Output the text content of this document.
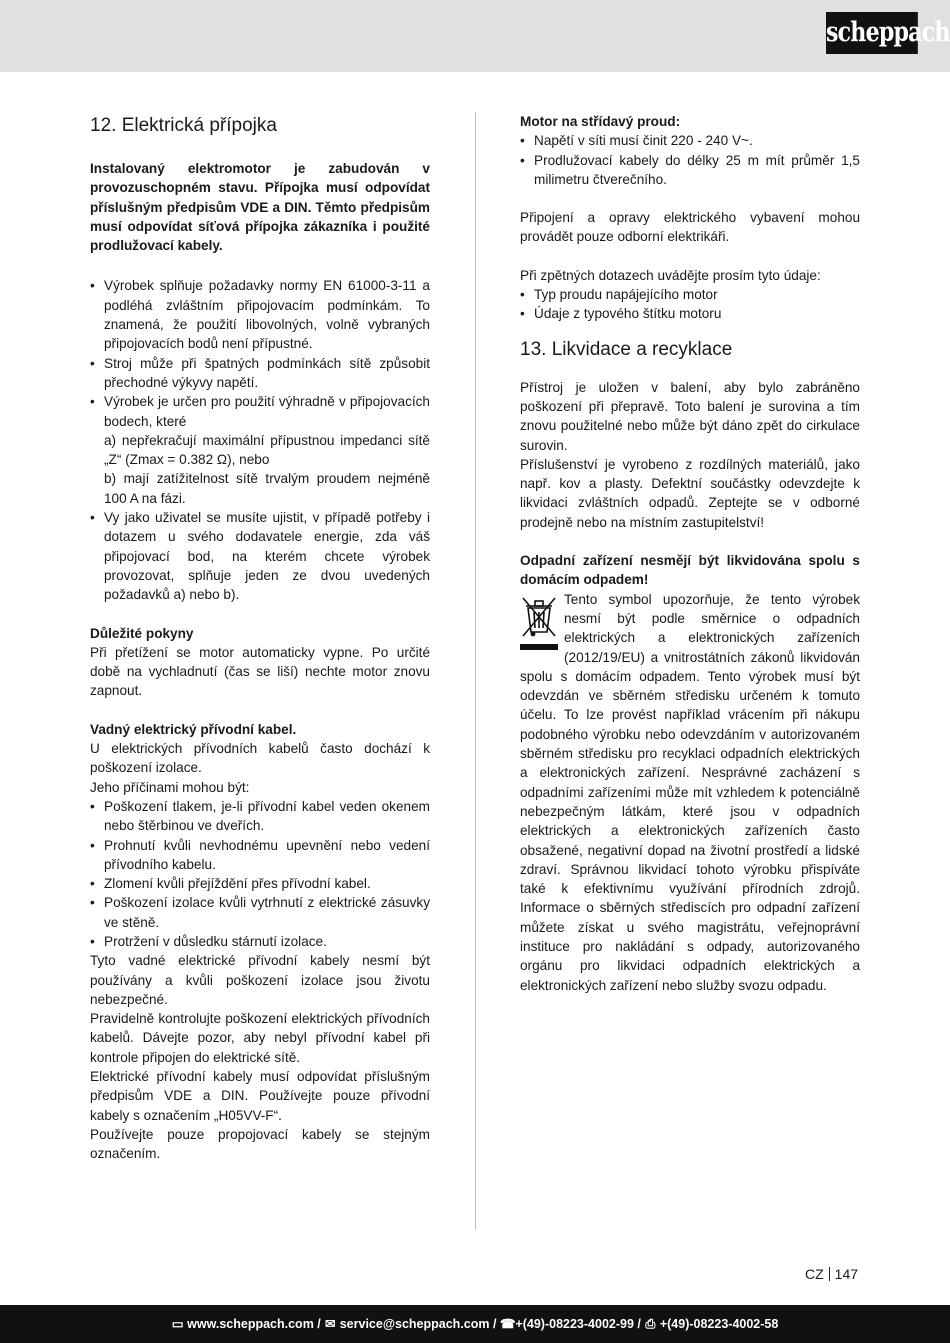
scheppach
12. Elektrická přípojka

Instalovaný elektromotor je zabudován v provozuschopném stavu. Přípojka musí odpovídat příslušným předpisům VDE a DIN. Těmto předpisům musí odpovídat síťová přípojka zákazníka i použité prodlužovací kabely.

• Výrobek splňuje požadavky normy EN 61000-3-11 a podléhá zvláštním připojovacím podmínkám. To znamená, že použití libovolných, volně vybraných připojovacích bodů není přípustné.
• Stroj může při špatných podmínkách sítě způsobit přechodné výkyvy napětí.
• Výrobek je určen pro použití výhradně v připojovacích bodech, které
a) nepřekračují maximální přípustnou impedanci sítě „Z“ (Zmax = 0.382 Ω), nebo
b) mají zatížitelnost sítě trvalým proudem nejméně 100 A na fázi.
• Vy jako uživatel se musíte ujistit, v případě potřeby i dotazem u svého dodavatele energie, zda váš připojovací bod, na kterém chcete výrobek provozovat, splňuje jeden ze dvou uvedených požadavků a) nebo b).

Důležité pokyny

Při přetížení se motor automaticky vypne. Po určité době na vychladnutí (čas se liší) nechte motor znovu zapnout.

Vadný elektrický přívodní kabel.

U elektrických přívodních kabelů často dochází k poškození izolace.

Jeho příčinami mohou být:

• Poškození tlakem, je-li přívodní kabel veden okenem nebo štěrbinou ve dveřích.
• Prohnutí kvůli nevhodnému upevnění nebo vedení přívodního kabelu.
• Zlomení kvůli přejíždění přes přívodní kabel.
• Poškození izolace kvůli vytrhnutí z elektrické zásuvky ve stěně.
• Protržení v důsledku stárnutí izolace.

Tyto vadné elektrické přívodní kabely nesmí být používány a kvůli poškození izolace jsou životu nebezpečné.

Pravidelně kontrolujte poškození elektrických přívodních kabelů. Dávejte pozor, aby nebyl přívodní kabel při kontrole připojen do elektrické sítě.

Elektrické přívodní kabely musí odpovídat příslušným předpisům VDE a DIN. Používejte pouze přívodní kabely s označením „H05VV-F“.

Používejte pouze propojovací kabely se stejným označením.

Motor na střídavý proud:

• Napětí v síti musí činit 220 - 240 V~.
• Prodlužovací kabely do délky 25 m mít průměr 1,5 milimetru čtverečního.

Připojení a opravy elektrického vybavení mohou provádět pouze odborní elektrikáři.

Při zpětných dotazech uvádějte prosím tyto údaje:

• Typ proudu napájejícího motor
• Údaje z typového štítku motoru
13. Likvidace a recyklace

Přístroj je uložen v balení, aby bylo zabráněno poškození při přepravě. Toto balení je surovina a tím znovu použitelné nebo může být dáno zpět do cirkulace surovin.

Příslušenství je vyrobeno z rozdílných materiálů, jako např. kov a plasty. Defektní součástky odevzdejte k likvidaci zvláštních odpadů. Zeptejte se v odborné prodejně nebo na místním zastupitelství!

Odpadní zařízení nesmějí být likvidována spolu s domácím odpadem!

Tento symbol upozorňuje, že tento výrobek nesmí být podle směrnice o odpadních elektrických a elektronických zařízeních (2012/19/EU) a vnitrostátních zákonů likvidován spolu s domácím odpadem. Tento výrobek musí být odevzdán ve sběrném středisku určeném k tomuto účelu. To lze provést například vrácením při nákupu podobného výrobku nebo odevzdáním v autorizovaném sběrném středisku pro recyklaci odpadních elektrických a elektronických zařízení. Nesprávné zacházení s odpadními zařízeními může mít vzhledem k potenciálně nebezpečným látkám, které jsou v odpadních elektrických a elektronických zařízeních často obsažené, negativní dopad na životní prostředí a lidské zdraví. Správnou likvidací tohoto výrobku přispíváte také k efektivnímu využívání přírodních zdrojů. Informace o sběrných střediscích pro odpadní zařízení můžete získat u svého magistrátu, veřejnoprávní instituce pro nakládání s odpady, autorizovaného orgánu pro likvidaci odpadních elektrických a elektronických zařízení nebo služby svozu odpadu.

CZ 147
▭ www.scheppach.com / ✉ service@scheppach.com / ☎ +(49)-08223-4002-99 / ⎙ +(49)-08223-4002-58
